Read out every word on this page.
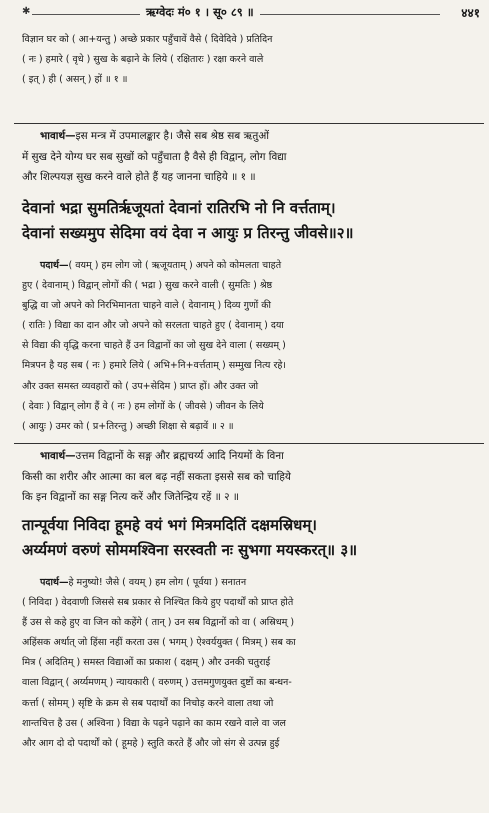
✱	ऋग्वेदः मं० १ । सू० ८९ ॥	४४१

विज्ञान घर को ( आ+यन्तु ) अच्छे प्रकार पहुँचावें वैसे ( दिवेदिवे ) प्रतिदिन

( नः ) हमारे ( वृधे ) सुख के बढ़ाने के लिये ( रक्षितारः ) रक्षा करने वाले

( इत् ) ही ( असन् ) हों ॥ १ ॥

भावार्थ—इस मन्त्र में उपमालङ्कार है। जैसे सब श्रेष्ठ सब ऋतुओं

में सुख देने योग्य घर सब सुखों को पहुँचाता है वैसे ही विद्वान्, लोग विद्या

और शिल्पयज्ञ सुख करने वाले होते हैं यह जानना चाहिये ॥ १ ॥

देवानां भद्रा सुमतिर्ऋजूयतां देवानां रातिरभि नो नि वर्त्तताम्।

देवानां सख्यमुप सेदिमा वयं देवा न आयुः प्र तिरन्तु जीवसे॥२॥

पदार्थ—( वयम् ) हम लोग जो ( ऋजूयताम् ) अपने को कोमलता चाहते

हुए ( देवानाम् ) विद्वान् लोगों की ( भद्रा ) सुख करने वाली ( सुमतिः ) श्रेष्ठ

बुद्धि वा जो अपने को निरभिमानता चाहने वाले ( देवानाम् ) दिव्य गुणों की

( रातिः ) विद्या का दान और जो अपने को सरलता चाहते हुए ( देवानाम् ) दया

से विद्या की वृद्धि करना चाहते हैं उन विद्वानों का जो सुख देने वाला ( सख्यम् )

मित्रपन है यह सब ( नः ) हमारे लिये ( अभि+नि+वर्त्तताम् ) सम्मुख नित्य रहे।

और उक्त समस्त व्यवहारों को ( उप+सेदिम ) प्राप्त हों। और उक्त जो

( देवाः ) विद्वान् लोग हैं वे ( नः ) हम लोगों के ( जीवसे ) जीवन के लिये

( आयुः ) उमर को ( प्र+तिरन्तु ) अच्छी शिक्षा से बढ़ावें ॥ २ ॥

भावार्थ—उत्तम विद्वानों के सङ्ग और ब्रह्मचर्य्य आदि नियमों के विना

किसी का शरीर और आत्मा का बल बढ़ नहीं सकता इससे सब को चाहिये

कि इन विद्वानों का सङ्ग नित्य करें और जितेन्द्रिय रहें ॥ २ ॥

तान्पूर्वया निविदा हूमहे वयं भगं मित्रमदितिं दक्षमस्रिधम्।

अर्य्यमणं वरुणं सोममश्विना सरस्वती नः सुभगा मयस्करत्॥ ३॥

पदार्थ—हे मनुष्यो! जैसे ( वयम् ) हम लोग ( पूर्वया ) सनातन

( निविदा ) वेदवाणी जिससे सब प्रकार से निश्चित किये हुए पदार्थों को प्राप्त होते

हैं उस से कहे हुए वा जिन को कहेंगे ( तान् ) उन सब विद्वानों को वा ( अस्रिधम् )

अहिंसक अर्थात् जो हिंसा नहीं करता उस ( भगम् ) ऐश्वर्ययुक्त ( मित्रम् ) सब का

मित्र ( अदितिम् ) समस्त विद्याओं का प्रकाश ( दक्षम् ) और उनकी चतुराई

वाला विद्वान् ( अर्य्यमणम् ) न्यायकारी ( वरुणम् ) उत्तमगुणयुक्त दुष्टों का बन्धन-

कर्त्ता ( सोमम् ) सृष्टि के क्रम से सब पदार्थों का निचोड़ करने वाला तथा जो

शान्तचित्त है उस ( अश्विना ) विद्या के पढ़ने पढ़ाने का काम रखने वाले वा जल

और आग दो दो पदार्थों को ( हूमहे ) स्तुति करते हैं और जो संग से उत्पन्न हुई
